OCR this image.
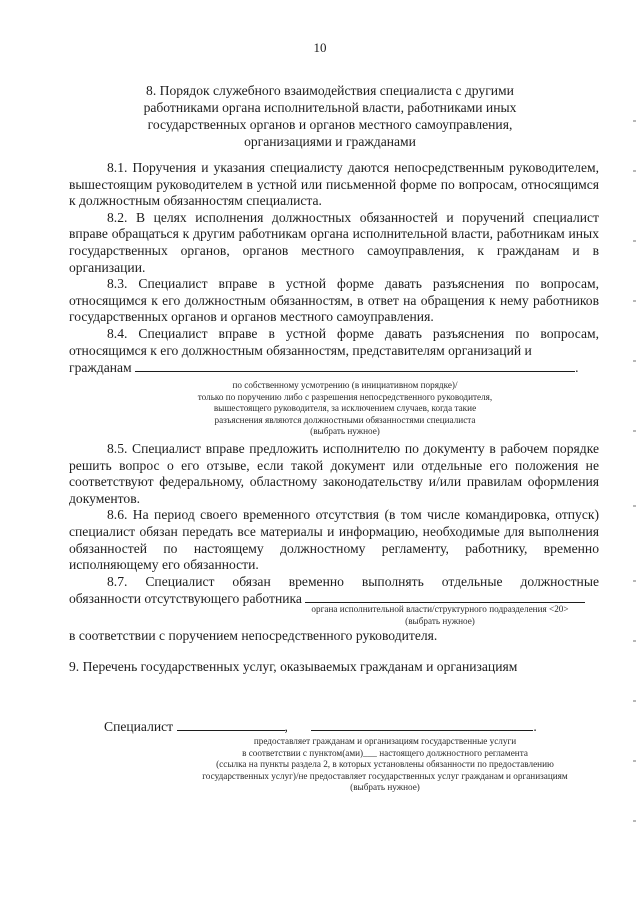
10
8. Порядок служебного взаимодействия специалиста с другими
работниками органа исполнительной власти, работниками иных
государственных органов и органов местного самоуправления,
организациями и гражданами
8.1. Поручения и указания специалисту даются непосредственным руководителем, вышестоящим руководителем в устной или письменной форме по вопросам, относящимся к должностным обязанностям специалиста.
8.2. В целях исполнения должностных обязанностей и поручений специалист вправе обращаться к другим работникам органа исполнительной власти, работникам иных государственных органов, органов местного самоуправления, к гражданам и в организации.
8.3. Специалист вправе в устной форме давать разъяснения по вопросам, относящимся к его должностным обязанностям, в ответ на обращения к нему работников государственных органов и органов местного самоуправления.
8.4. Специалист вправе в устной форме давать разъяснения по вопросам, относящимся к его должностным обязанностям, представителям организаций и
гражданам	.
по собственному усмотрению (в инициативном порядке)/
только по поручению либо с разрешения непосредственного руководителя,
вышестоящего руководителя, за исключением случаев, когда такие
разъяснения являются должностными обязанностями специалиста
(выбрать нужное)
8.5. Специалист вправе предложить исполнителю по документу в рабочем порядке решить вопрос о его отзыве, если такой документ или отдельные его положения не соответствуют федеральному, областному законодательству и/или правилам оформления документов.
8.6. На период своего временного отсутствия (в том числе командировка, отпуск) специалист обязан передать все материалы и информацию, необходимые для выполнения обязанностей по настоящему должностному регламенту, работнику, временно исполняющему его обязанности.
8.7. Специалист обязан временно выполнять отдельные должностные
обязанности отсутствующего работника
органа исполнительной власти/структурного подразделения <20>
(выбрать нужное)
в соответствии с поручением непосредственного руководителя.
9. Перечень государственных услуг, оказываемых гражданам и организациям
Специалист	,	.
предоставляет гражданам и организациям государственные услуги
в соответствии с пунктом(ами)___ настоящего должностного регламента
(ссылка на пункты раздела 2, в которых установлены обязанности по предоставлению
государственных услуг)/не предоставляет государственных услуг гражданам и организациям
(выбрать нужное)
